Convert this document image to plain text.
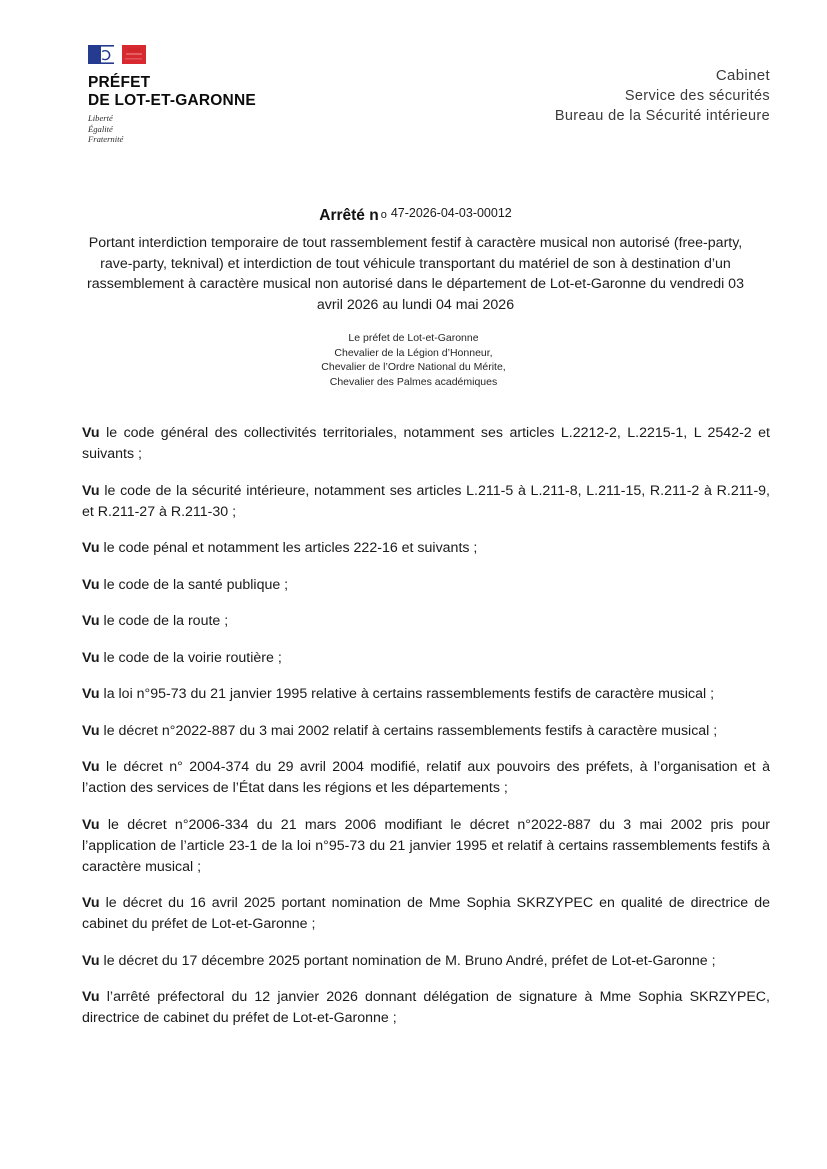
PRÉFET
DE LOT-ET-GARONNE
Liberté
Égalité
Fraternité
Cabinet
Service des sécurités
Bureau de la Sécurité intérieure
Arrêté n o 47-2026-04-03-00012
Portant interdiction temporaire de tout rassemblement festif à caractère musical non autorisé (free-party, rave-party, teknival) et interdiction de tout véhicule transportant du matériel de son à destination d’un rassemblement à caractère musical non autorisé dans le département de Lot-et-Garonne du vendredi 03 avril 2026 au lundi 04 mai 2026
Le préfet de Lot-et-Garonne
Chevalier de la Légion d’Honneur,
Chevalier de l’Ordre National du Mérite,
Chevalier des Palmes académiques

Vu le code général des collectivités territoriales, notamment ses articles L.2212-2, L.2215-1, L 2542-2 et suivants ;

Vu le code de la sécurité intérieure, notamment ses articles L.211-5 à L.211-8, L.211-15, R.211-2 à R.211-9, et R.211-27 à R.211-30 ;

Vu le code pénal et notamment les articles 222-16 et suivants ;

Vu le code de la santé publique ;

Vu le code de la route ;

Vu le code de la voirie routière ;

Vu la loi n°95-73 du 21 janvier 1995 relative à certains rassemblements festifs de caractère musical ;

Vu le décret n°2022-887 du 3 mai 2002 relatif à certains rassemblements festifs à caractère musical ;

Vu le décret n° 2004-374 du 29 avril 2004 modifié, relatif aux pouvoirs des préfets, à l’organisation et à l’action des services de l’État dans les régions et les départements ;

Vu le décret n°2006-334 du 21 mars 2006 modifiant le décret n°2022-887 du 3 mai 2002 pris pour l’application de l’article 23-1 de la loi n°95-73 du 21 janvier 1995 et relatif à certains rassemblements festifs à caractère musical ;

Vu le décret du 16 avril 2025 portant nomination de Mme Sophia SKRZYPEC en qualité de directrice de cabinet du préfet de Lot-et-Garonne ;

Vu le décret du 17 décembre 2025 portant nomination de M. Bruno André, préfet de Lot-et-Garonne ;

Vu l’arrêté préfectoral du 12 janvier 2026 donnant délégation de signature à Mme Sophia SKRZYPEC, directrice de cabinet du préfet de Lot-et-Garonne ;
